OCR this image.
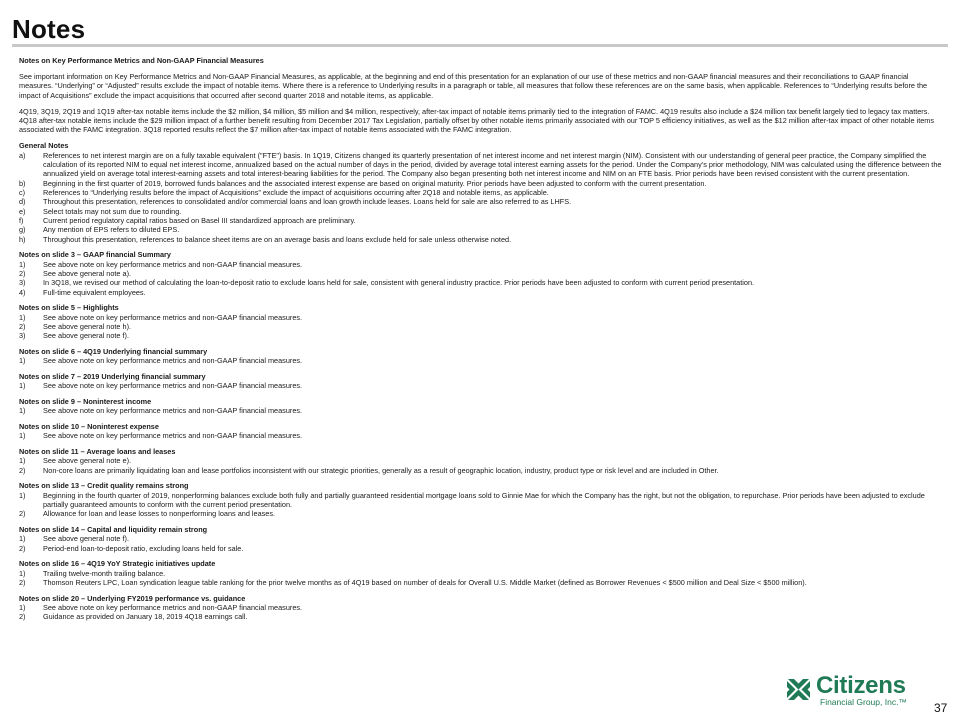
Notes

Notes on Key Performance Metrics and Non-GAAP Financial Measures

See important information on Key Performance Metrics and Non-GAAP Financial Measures, as applicable, at the beginning and end of this presentation for an explanation of our use of these metrics and non-GAAP financial measures and their reconciliations to GAAP financial measures. “Underlying” or “Adjusted” results exclude the impact of notable items. Where there is a reference to Underlying results in a paragraph or table, all measures that follow these references are on the same basis, when applicable. References to “Underlying results before the impact of Acquisitions” exclude the impact acquisitions that occurred after second quarter 2018 and notable items, as applicable.

4Q19, 3Q19, 2Q19 and 1Q19 after-tax notable items include the $2 million, $4 million, $5 million and $4 million, respectively, after-tax impact of notable items primarily tied to the integration of FAMC. 4Q19 results also include a $24 million tax benefit largely tied to legacy tax matters. 4Q18 after-tax notable items include the $29 million impact of a further benefit resulting from December 2017 Tax Legislation, partially offset by other notable items primarily associated with our TOP 5 efficiency initiatives, as well as the $12 million after-tax impact of other notable items associated with the FAMC integration. 3Q18 reported results reflect the $7 million after-tax impact of notable items associated with the FAMC integration.

General Notes
a)	References to net interest margin are on a fully taxable equivalent ("FTE") basis. In 1Q19, Citizens changed its quarterly presentation of net interest income and net interest margin (NIM). Consistent with our understanding of general peer practice, the Company simplified the calculation of its reported NIM to equal net interest income, annualized based on the actual number of days in the period, divided by average total interest earning assets for the period. Under the Company’s prior methodology, NIM was calculated using the difference between the annualized yield on average total interest-earning assets and total interest-bearing liabilities for the period. The Company also began presenting both net interest income and NIM on an FTE basis. Prior periods have been revised consistent with the current presentation.
b)	Beginning in the first quarter of 2019, borrowed funds balances and the associated interest expense are based on original maturity. Prior periods have been adjusted to conform with the current presentation.
c)	References to “Underlying results before the impact of Acquisitions” exclude the impact of acquisitions occurring after 2Q18 and notable items, as applicable.
d)	Throughout this presentation, references to consolidated and/or commercial loans and loan growth include leases. Loans held for sale are also referred to as LHFS.
e)	Select totals may not sum due to rounding.
f)	Current period regulatory capital ratios based on Basel III standardized approach are preliminary.
g)	Any mention of EPS refers to diluted EPS.
h)	Throughout this presentation, references to balance sheet items are on an average basis and loans exclude held for sale unless otherwise noted.
Notes on slide 3 – GAAP financial Summary
1)	See above note on key performance metrics and non-GAAP financial measures.
2)	See above general note a).
3)	In 3Q18, we revised our method of calculating the loan-to-deposit ratio to exclude loans held for sale, consistent with general industry practice. Prior periods have been adjusted to conform with current period presentation.
4)	Full-time equivalent employees.
Notes on slide 5 – Highlights
1)	See above note on key performance metrics and non-GAAP financial measures.
2)	See above general note h).
3)	See above general note f).
Notes on slide 6 – 4Q19 Underlying financial summary
1)	See above note on key performance metrics and non-GAAP financial measures.
Notes on slide 7 – 2019 Underlying financial summary
1)	See above note on key performance metrics and non-GAAP financial measures.
Notes on slide 9 – Noninterest income
1)	See above note on key performance metrics and non-GAAP financial measures.
Notes on slide 10 – Noninterest expense
1)	See above note on key performance metrics and non-GAAP financial measures.
Notes on slide 11 – Average loans and leases
1)	See above general note e).
2)	Non-core loans are primarily liquidating loan and lease portfolios inconsistent with our strategic priorities, generally as a result of geographic location, industry, product type or risk level and are included in Other.
Notes on slide 13 – Credit quality remains strong
1)	Beginning in the fourth quarter of 2019, nonperforming balances exclude both fully and partially guaranteed residential mortgage loans sold to Ginnie Mae for which the Company has the right, but not the obligation, to repurchase. Prior periods have been adjusted to exclude partially guaranteed amounts to conform with the current period presentation.
2)	Allowance for loan and lease losses to nonperforming loans and leases.
Notes on slide 14 – Capital and liquidity remain strong
1)	See above general note f).
2)	Period-end loan-to-deposit ratio, excluding loans held for sale.
Notes on slide 16 – 4Q19 YoY Strategic initiatives update
1)	Trailing twelve-month trailing balance.
2)	Thomson Reuters LPC, Loan syndication league table ranking for the prior twelve months as of 4Q19 based on number of deals for Overall U.S. Middle Market (defined as Borrower Revenues < $500 million and Deal Size < $500 million).
Notes on slide 20 – Underlying FY2019 performance vs. guidance
1)	See above note on key performance metrics and non-GAAP financial measures.
2)	Guidance as provided on January 18, 2019 4Q18 earnings call.
Citizens
Financial Group, Inc.™ 37
